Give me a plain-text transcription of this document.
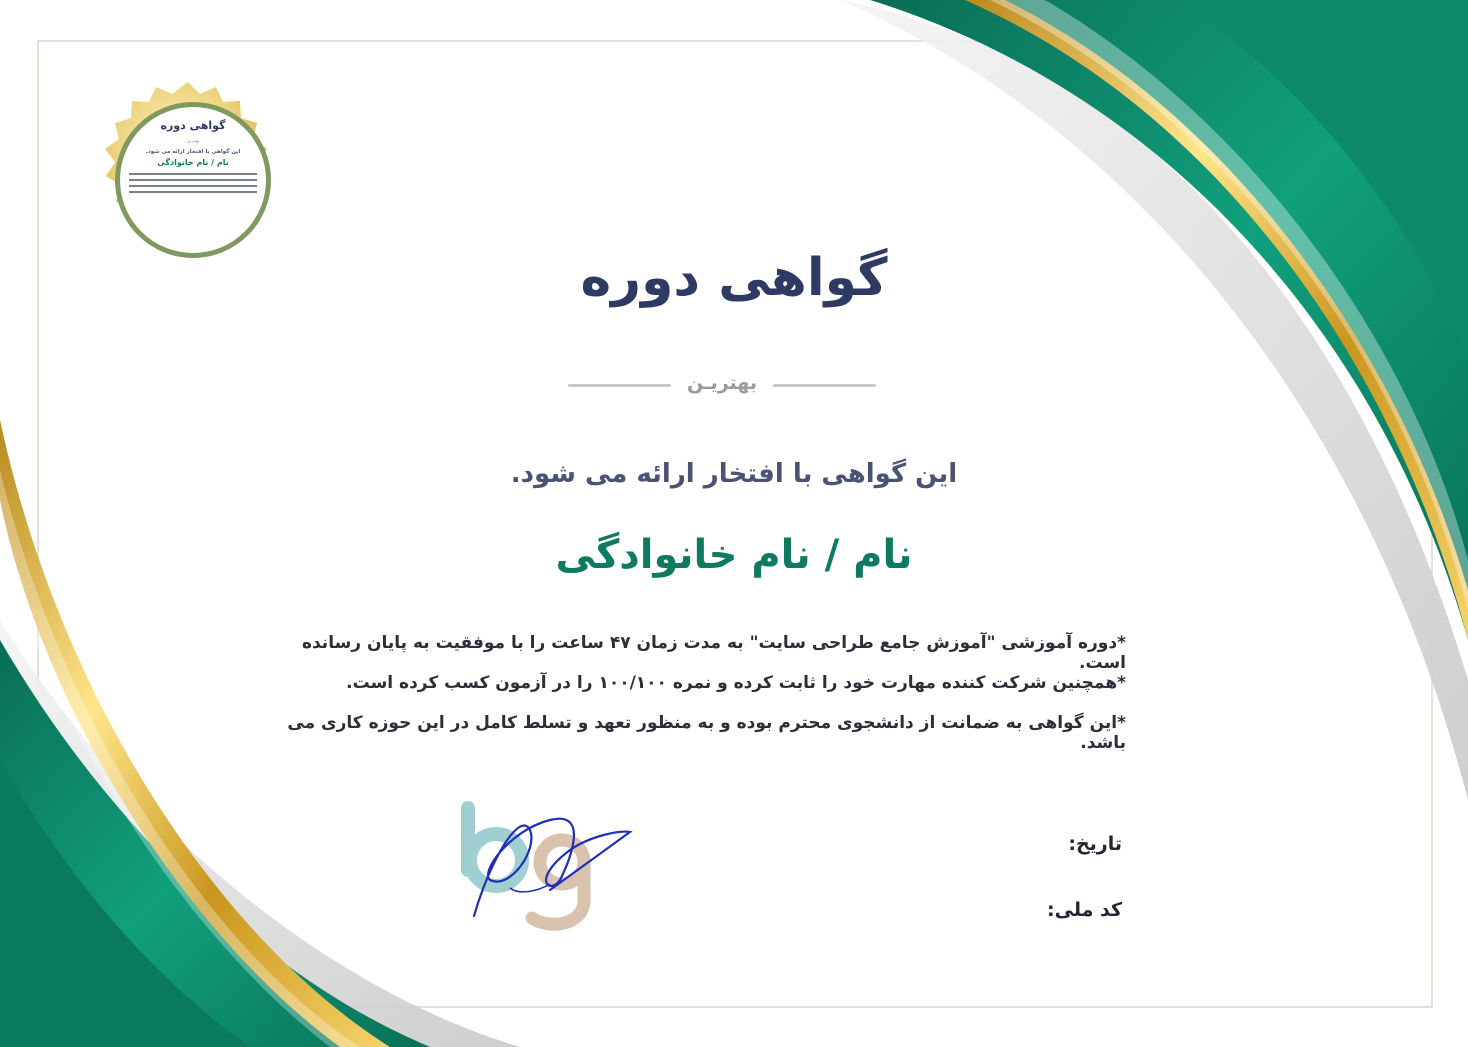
گواهی دوره
بهترین
این گواهی با افتخار ارائه می شود.
نام / نام خانوادگی
گواهی دوره
بهتریـن
این گواهی با افتخار ارائه می شود.
نام / نام خانوادگی
*دوره آموزشی "آموزش جامع طراحی سایت" به مدت زمان ۴۷ ساعت را با موفقیت به پایان رسانده است.
*همچنین شرکت کننده مهارت خود را ثابت کرده و نمره ۱۰۰/۱۰۰ را در آزمون کسب کرده است.
*این گواهی به ضمانت از دانشجوی محترم بوده و به منظور تعهد و تسلط کامل در این حوزه کاری می باشد.
تاریخ:
کد ملی:
